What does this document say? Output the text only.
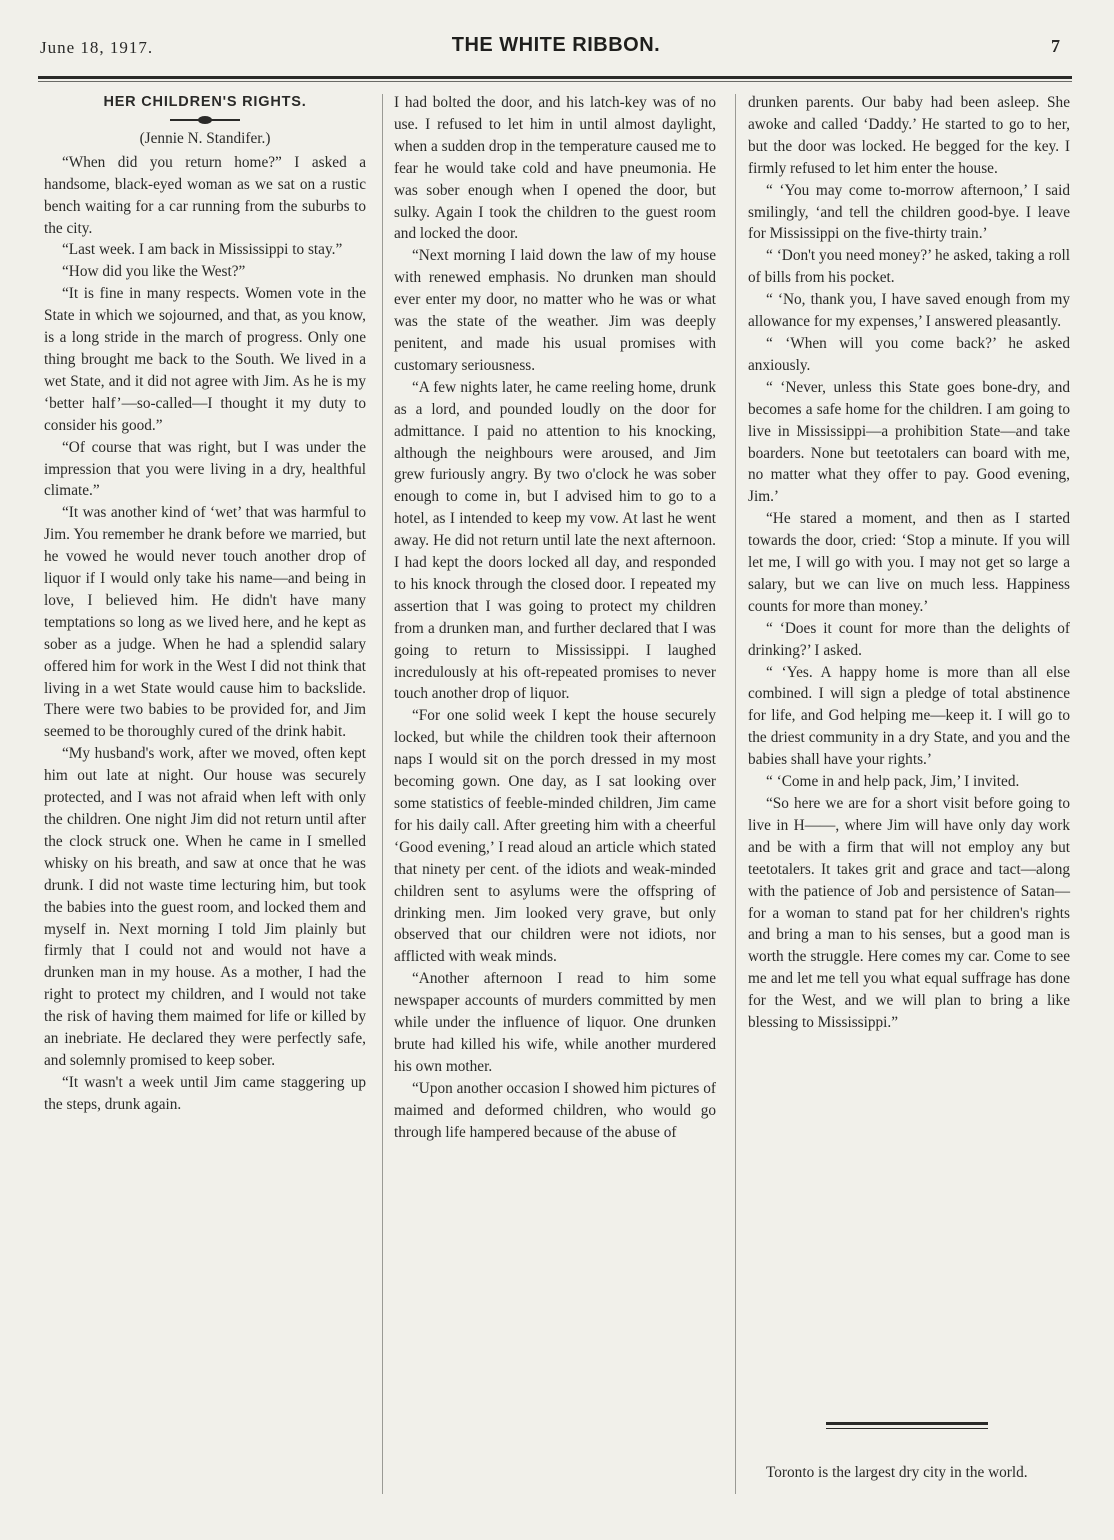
June 18, 1917.	THE WHITE RIBBON.	7

HER CHILDREN'S RIGHTS.

(Jennie N. Standifer.)

“When did you return home?” I asked a handsome, black-eyed woman as we sat on a rustic bench waiting for a car running from the suburbs to the city.

“Last week. I am back in Mississippi to stay.”

“How did you like the West?”

“It is fine in many respects. Women vote in the State in which we sojourned, and that, as you know, is a long stride in the march of progress. Only one thing brought me back to the South. We lived in a wet State, and it did not agree with Jim. As he is my ‘better half’—so-called—I thought it my duty to consider his good.”

“Of course that was right, but I was under the impression that you were living in a dry, healthful climate.”

“It was another kind of ‘wet’ that was harmful to Jim. You remember he drank before we married, but he vowed he would never touch another drop of liquor if I would only take his name—and being in love, I believed him. He didn't have many temptations so long as we lived here, and he kept as sober as a judge. When he had a splendid salary offered him for work in the West I did not think that living in a wet State would cause him to backslide. There were two babies to be provided for, and Jim seemed to be thoroughly cured of the drink habit.

“My husband's work, after we moved, often kept him out late at night. Our house was securely protected, and I was not afraid when left with only the children. One night Jim did not return until after the clock struck one. When he came in I smelled whisky on his breath, and saw at once that he was drunk. I did not waste time lecturing him, but took the babies into the guest room, and locked them and myself in. Next morning I told Jim plainly but firmly that I could not and would not have a drunken man in my house. As a mother, I had the right to protect my children, and I would not take the risk of having them maimed for life or killed by an inebriate. He declared they were perfectly safe, and solemnly promised to keep sober.

“It wasn't a week until Jim came staggering up the steps, drunk again.

I had bolted the door, and his latch-key was of no use. I refused to let him in until almost daylight, when a sudden drop in the temperature caused me to fear he would take cold and have pneumonia. He was sober enough when I opened the door, but sulky. Again I took the children to the guest room and locked the door.

“Next morning I laid down the law of my house with renewed emphasis. No drunken man should ever enter my door, no matter who he was or what was the state of the weather. Jim was deeply penitent, and made his usual promises with customary seriousness.

“A few nights later, he came reeling home, drunk as a lord, and pounded loudly on the door for admittance. I paid no attention to his knocking, although the neighbours were aroused, and Jim grew furiously angry. By two o'clock he was sober enough to come in, but I advised him to go to a hotel, as I intended to keep my vow. At last he went away. He did not return until late the next afternoon. I had kept the doors locked all day, and responded to his knock through the closed door. I repeated my assertion that I was going to protect my children from a drunken man, and further declared that I was going to return to Mississippi. I laughed incredulously at his oft-repeated promises to never touch another drop of liquor.

“For one solid week I kept the house securely locked, but while the children took their afternoon naps I would sit on the porch dressed in my most becoming gown. One day, as I sat looking over some statistics of feeble-minded children, Jim came for his daily call. After greeting him with a cheerful ‘Good evening,’ I read aloud an article which stated that ninety per cent. of the idiots and weak-minded children sent to asylums were the offspring of drinking men. Jim looked very grave, but only observed that our children were not idiots, nor afflicted with weak minds.

“Another afternoon I read to him some newspaper accounts of murders committed by men while under the influence of liquor. One drunken brute had killed his wife, while another murdered his own mother.

“Upon another occasion I showed him pictures of maimed and deformed children, who would go through life hampered because of the abuse of

drunken parents. Our baby had been asleep. She awoke and called ‘Daddy.’ He started to go to her, but the door was locked. He begged for the key. I firmly refused to let him enter the house.

“ ‘You may come to-morrow afternoon,’ I said smilingly, ‘and tell the children good-bye. I leave for Mississippi on the five-thirty train.’

“ ‘Don't you need money?’ he asked, taking a roll of bills from his pocket.

“ ‘No, thank you, I have saved enough from my allowance for my expenses,’ I answered pleasantly.

“ ‘When will you come back?’ he asked anxiously.

“ ‘Never, unless this State goes bone-dry, and becomes a safe home for the children. I am going to live in Mississippi—a prohibition State—and take boarders. None but teetotalers can board with me, no matter what they offer to pay. Good evening, Jim.’

“He stared a moment, and then as I started towards the door, cried: ‘Stop a minute. If you will let me, I will go with you. I may not get so large a salary, but we can live on much less. Happiness counts for more than money.’

“ ‘Does it count for more than the delights of drinking?’ I asked.

“ ‘Yes. A happy home is more than all else combined. I will sign a pledge of total abstinence for life, and God helping me—keep it. I will go to the driest community in a dry State, and you and the babies shall have your rights.’

“ ‘Come in and help pack, Jim,’ I invited.

“So here we are for a short visit before going to live in H——, where Jim will have only day work and be with a firm that will not employ any but teetotalers. It takes grit and grace and tact—along with the patience of Job and persistence of Satan—for a woman to stand pat for her children's rights and bring a man to his senses, but a good man is worth the struggle. Here comes my car. Come to see me and let me tell you what equal suffrage has done for the West, and we will plan to bring a like blessing to Mississippi.”

Toronto is the largest dry city in the world.
